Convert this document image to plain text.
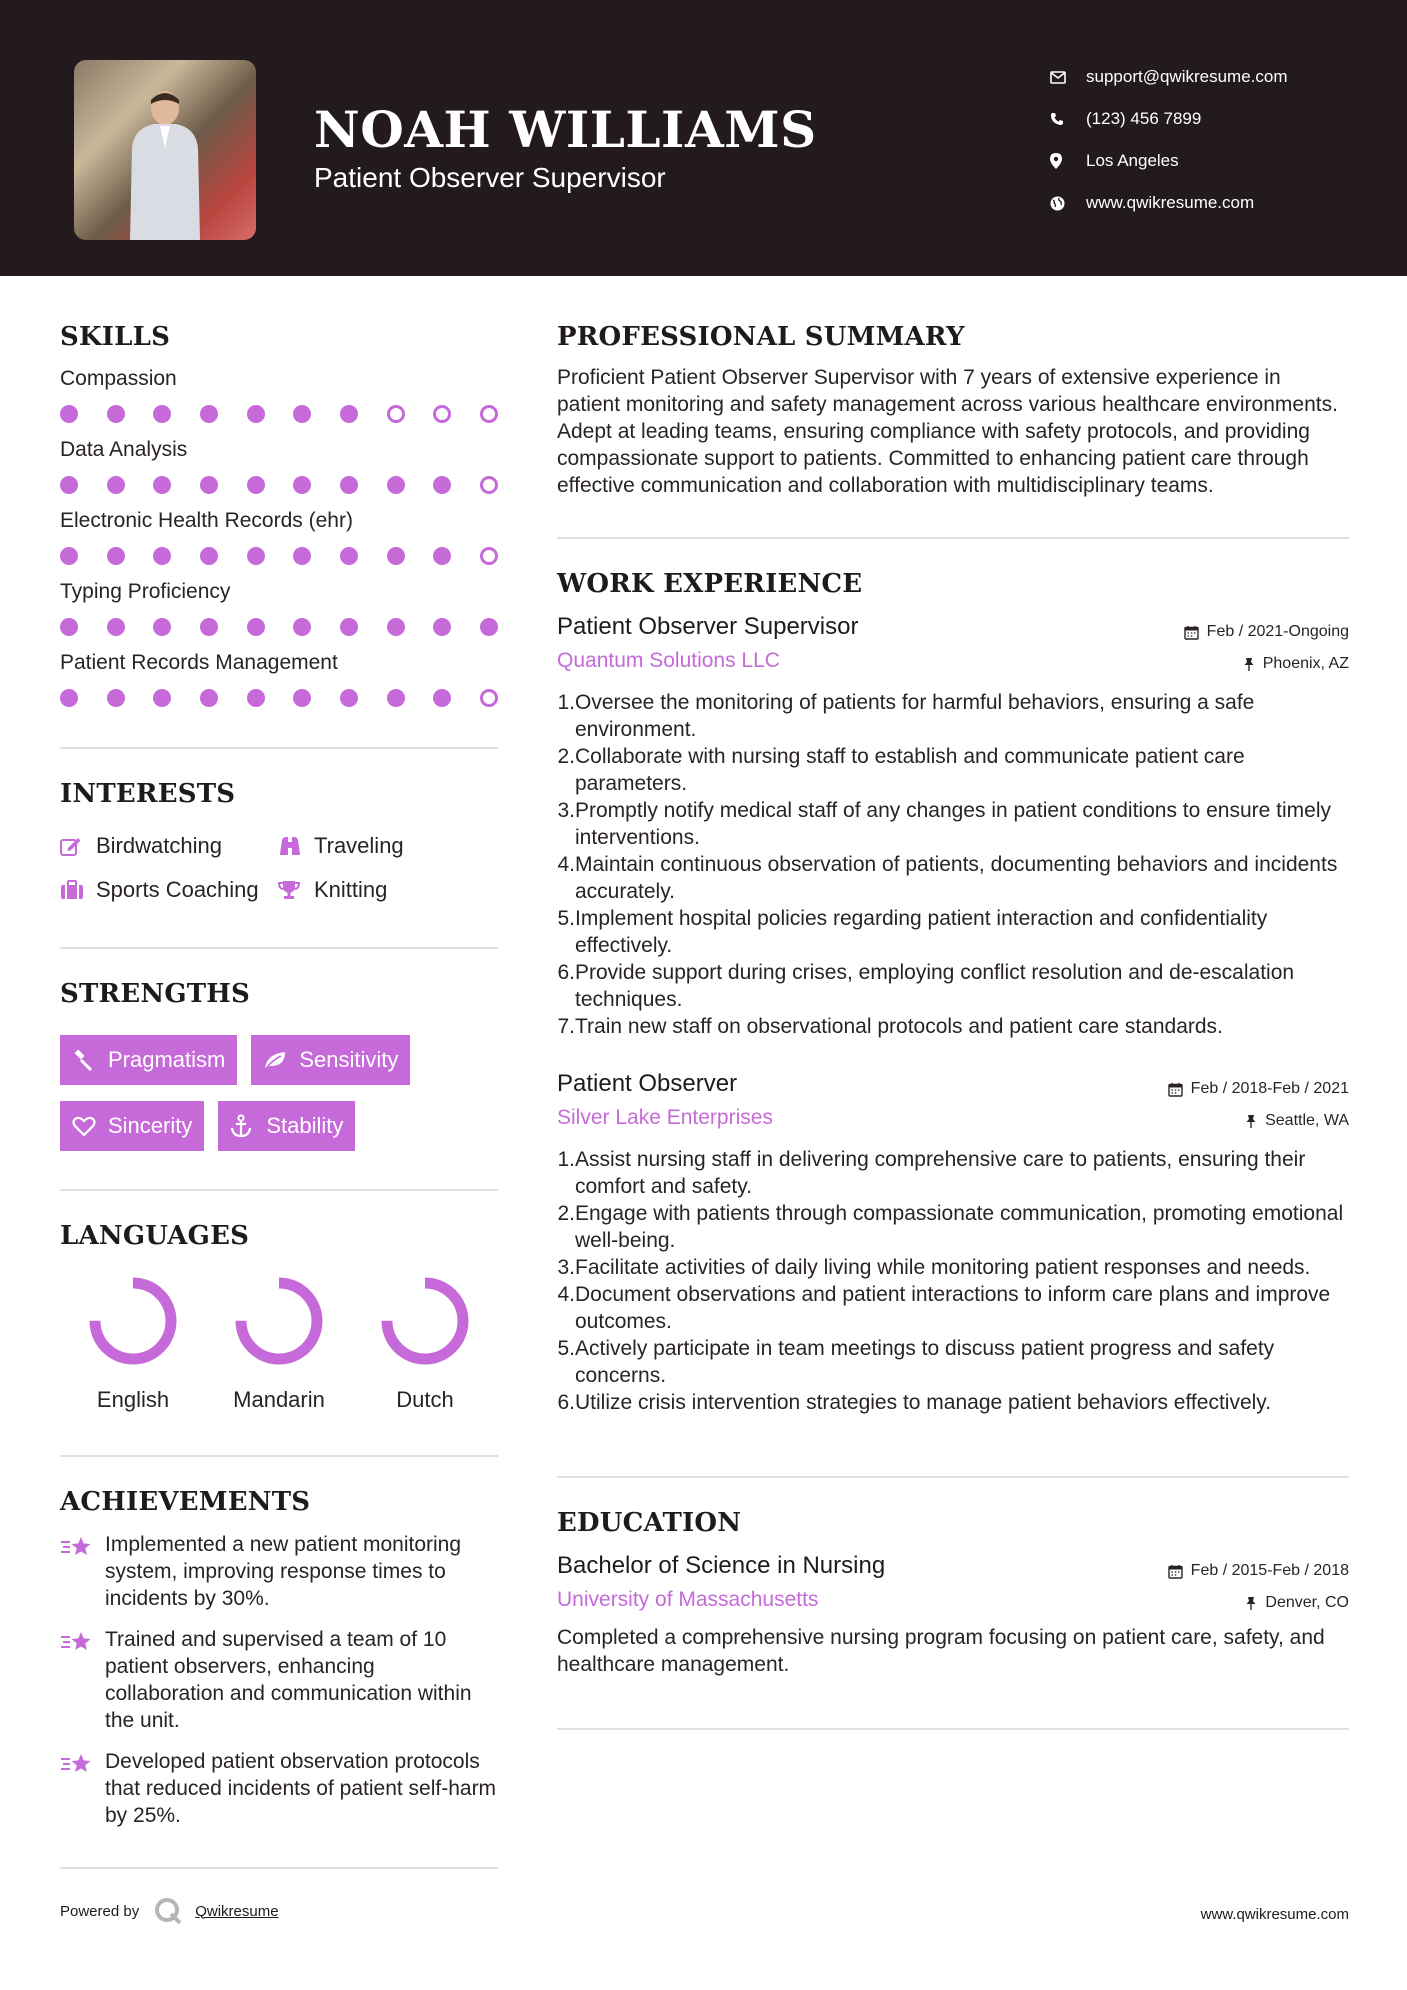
NOAH WILLIAMS
Patient Observer Supervisor
support@qwikresume.com
(123) 456 7899
Los Angeles
www.qwikresume.com
SKILLS
Compassion
Data Analysis
Electronic Health Records (ehr)
Typing Proficiency
Patient Records Management
INTERESTS
Birdwatching	Traveling
Sports Coaching	Knitting
STRENGTHS
Pragmatism	Sensitivity
Sincerity	Stability
LANGUAGES
English	Mandarin	Dutch
ACHIEVEMENTS
Implemented a new patient monitoring system, improving response times to incidents by 30%.
Trained and supervised a team of 10 patient observers, enhancing collaboration and communication within the unit.
Developed patient observation protocols that reduced incidents of patient self-harm by 25%.
PROFESSIONAL SUMMARY
Proficient Patient Observer Supervisor with 7 years of extensive experience in patient monitoring and safety management across various healthcare environments. Adept at leading teams, ensuring compliance with safety protocols, and providing compassionate support to patients. Committed to enhancing patient care through effective communication and collaboration with multidisciplinary teams.
WORK EXPERIENCE
Patient Observer Supervisor	Feb / 2021-Ongoing
Quantum Solutions LLC	Phoenix, AZ
1. Oversee the monitoring of patients for harmful behaviors, ensuring a safe environment.
2. Collaborate with nursing staff to establish and communicate patient care parameters.
3. Promptly notify medical staff of any changes in patient conditions to ensure timely interventions.
4. Maintain continuous observation of patients, documenting behaviors and incidents accurately.
5. Implement hospital policies regarding patient interaction and confidentiality effectively.
6. Provide support during crises, employing conflict resolution and de-escalation techniques.
7. Train new staff on observational protocols and patient care standards.
Patient Observer	Feb / 2018-Feb / 2021
Silver Lake Enterprises	Seattle, WA
1. Assist nursing staff in delivering comprehensive care to patients, ensuring their comfort and safety.
2. Engage with patients through compassionate communication, promoting emotional well-being.
3. Facilitate activities of daily living while monitoring patient responses and needs.
4. Document observations and patient interactions to inform care plans and improve outcomes.
5. Actively participate in team meetings to discuss patient progress and safety concerns.
6. Utilize crisis intervention strategies to manage patient behaviors effectively.
EDUCATION
Bachelor of Science in Nursing	Feb / 2015-Feb / 2018
University of Massachusetts	Denver, CO
Completed a comprehensive nursing program focusing on patient care, safety, and healthcare management.
Powered by	Qwikresume	www.qwikresume.com
